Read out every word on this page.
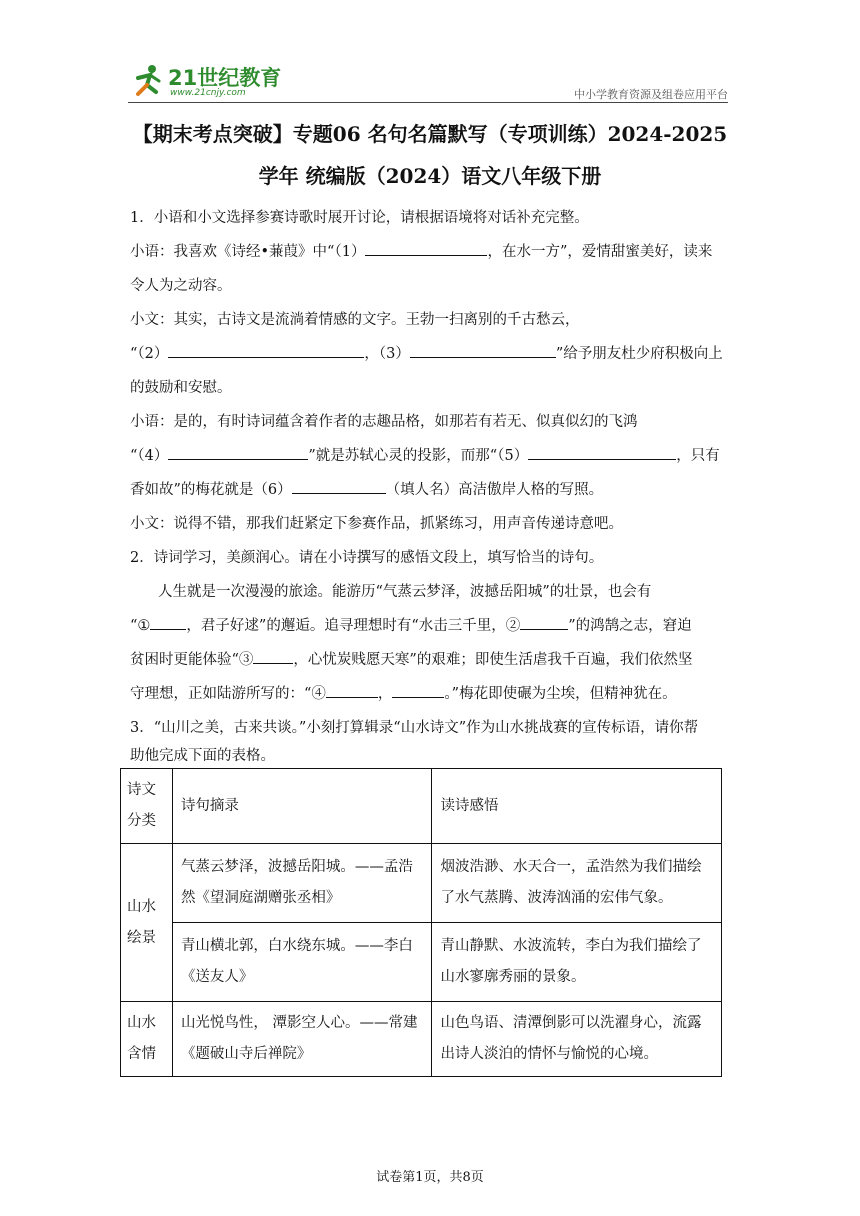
21世纪教育
www.21cnjy.com	中小学教育资源及组卷应用平台
【期末考点突破】专题06 名句名篇默写（专项训练）2024-2025
学年 统编版（2024）语文八年级下册
1．小语和小文选择参赛诗歌时展开讨论，请根据语境将对话补充完整。
小语：我喜欢《诗经•蒹葭》中“（1）	，在水一方”，爱情甜蜜美好，读来
令人为之动容。
小文：其实，古诗文是流淌着情感的文字。王勃一扫离别的千古愁云，
“（2）	，（3）	”给予朋友杜少府积极向上
的鼓励和安慰。
小语：是的，有时诗词蕴含着作者的志趣品格，如那若有若无、似真似幻的飞鸿
“（4）	”就是苏轼心灵的投影，而那“（5）	，只有
香如故”的梅花就是（6）	（填人名）高洁傲岸人格的写照。
小文：说得不错，那我们赶紧定下参赛作品，抓紧练习，用声音传递诗意吧。
2．诗词学习，美颜润心。请在小诗撰写的感悟文段上，填写恰当的诗句。
人生就是一次漫漫的旅途。能游历“气蒸云梦泽，波撼岳阳城”的壮景，也会有
“① ，君子好逑”的邂逅。追寻理想时有“水击三千里，②	”的鸿鹄之志，窘迫
贫困时更能体验“③	，心忧炭贱愿天寒”的艰难；即使生活虐我千百遍，我们依然坚
守理想，正如陆游所写的：“④	，	。”梅花即使碾为尘埃，但精神犹在。
3．“山川之美，古来共谈。”小刻打算辑录“山水诗文”作为山水挑战赛的宣传标语，请你帮
助他完成下面的表格。
诗文分类	诗句摘录	读诗感悟
山水绘景	气蒸云梦泽，波撼岳阳城。——孟浩然《望洞庭湖赠张丞相》	烟波浩渺、水天合一，孟浩然为我们描绘了水气蒸腾、波涛汹涌的宏伟气象。
	青山横北郭，白水绕东城。——李白《送友人》	青山静默、水波流转，李白为我们描绘了山水寥廓秀丽的景象。
山水含情	山光悦鸟性， 潭影空人心。——常建《题破山寺后禅院》	山色鸟语、清潭倒影可以洗濯身心，流露出诗人淡泊的情怀与愉悦的心境。
试卷第1页，共8页
